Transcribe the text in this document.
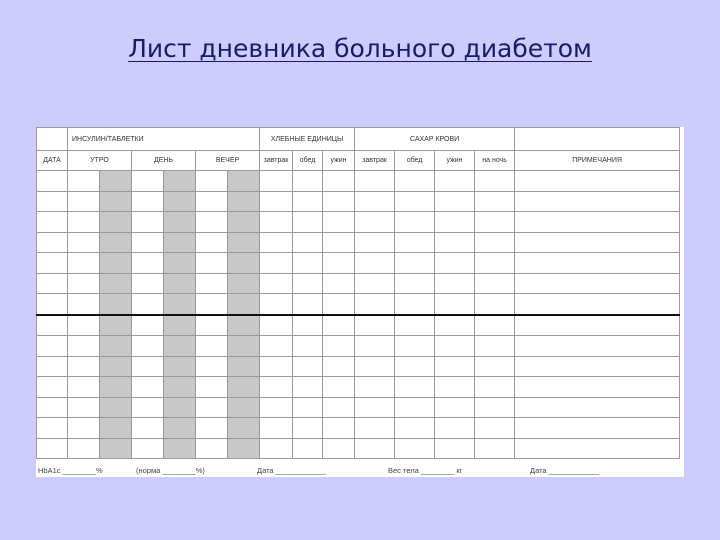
Лист дневника больного диабетом
	ИНСУЛИН/ТАБЛЕТКИ						ХЛЕБНЫЕ ЕДИНИЦЫ			САХАР КРОВИ				
ДАТА	УТРО		ДЕНЬ		ВЕЧЕР		завтрак	обед	ужин	завтрак	обед	ужин	на ночь	ПРИМЕЧАНИЯ

HbA1c ________%	(норма ________%)	Дата ____________	Вес тела ________ кг	Дата ____________
